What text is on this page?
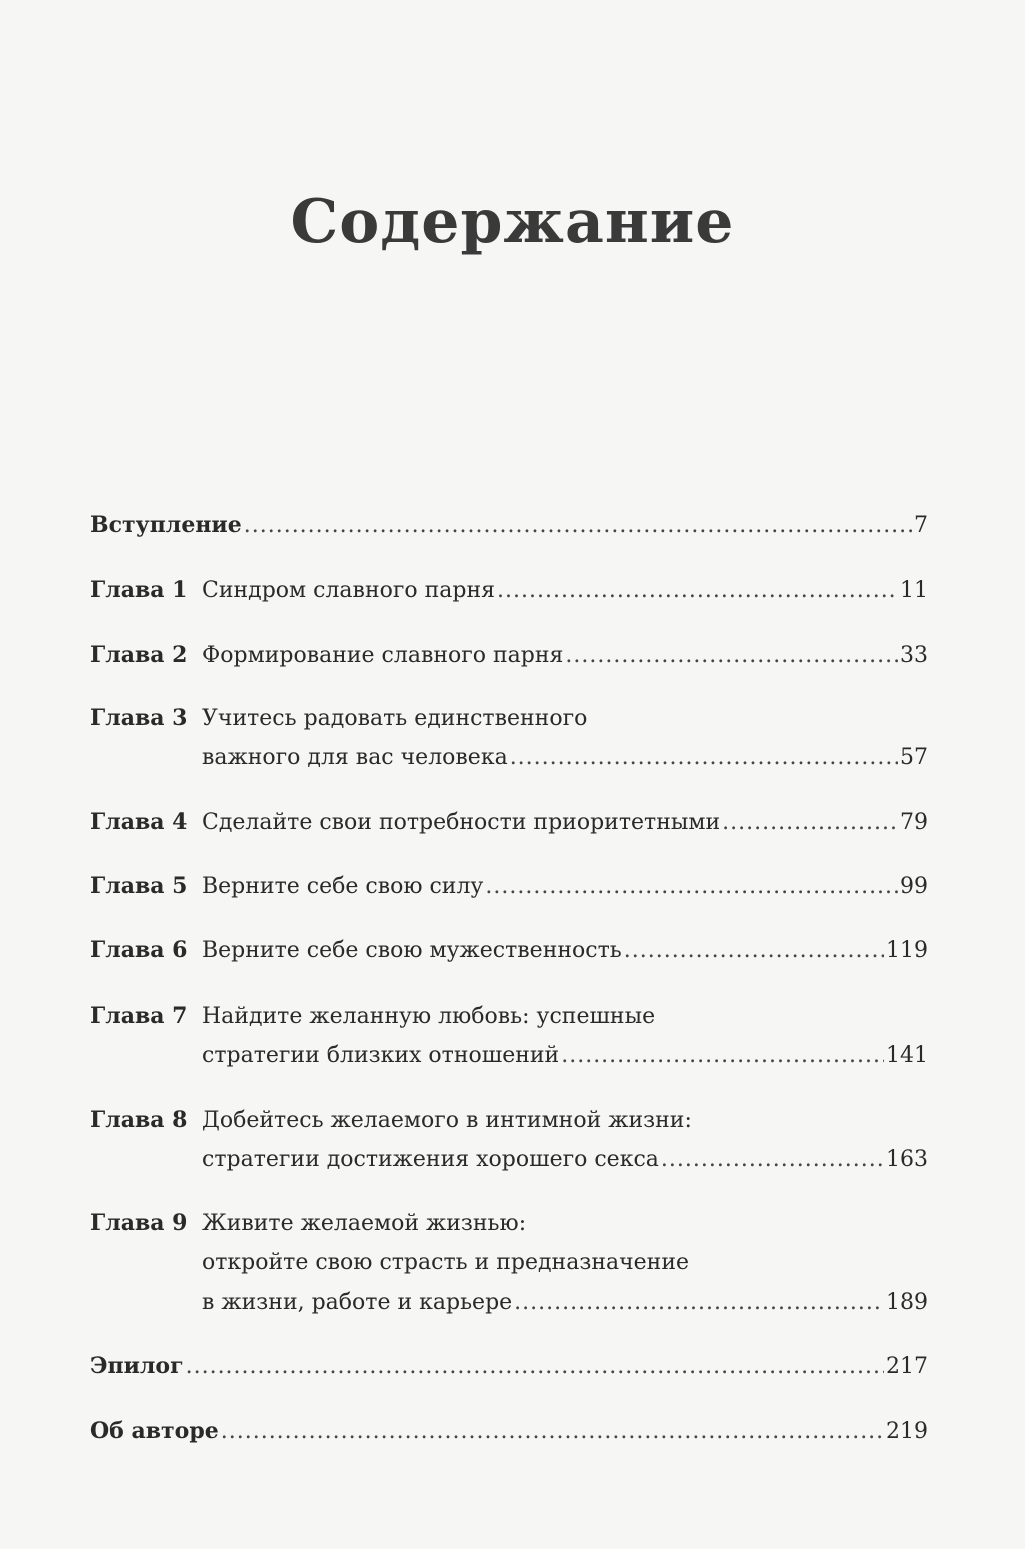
Содержание
Вступление .....	7
Глава 1 Синдром славного парня .....	11
Глава 2 Формирование славного парня .....	33
Глава 3 Учитесь радовать единственного
важного для вас человека .....	57
Глава 4 Сделайте свои потребности приоритетными .....	79
Глава 5 Верните себе свою силу .....	99
Глава 6 Верните себе свою мужественность .....	119
Глава 7 Найдите желанную любовь: успешные
стратегии близких отношений .....	141
Глава 8 Добейтесь желаемого в интимной жизни:
стратегии достижения хорошего секса .....	163
Глава 9 Живите желаемой жизнью:
откройте свою страсть и предназначение
в жизни, работе и карьере .....	189
Эпилог .....	217
Об авторе .....	219
